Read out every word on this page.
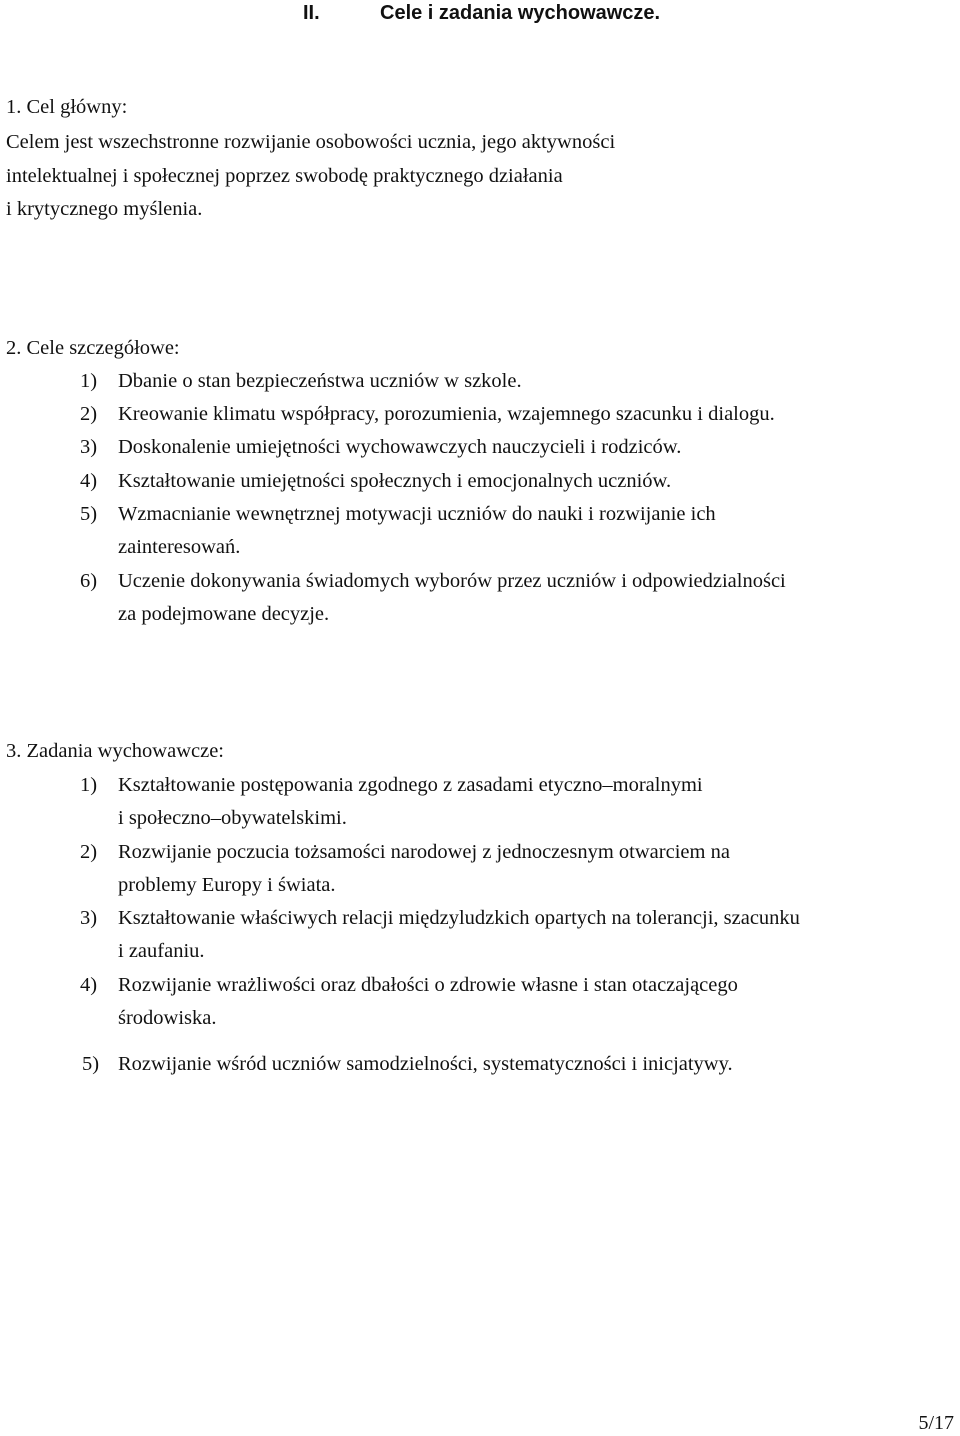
II.	Cele i zadania wychowawcze.
1. Cel główny:
Celem jest wszechstronne rozwijanie osobowości ucznia, jego aktywności
intelektualnej i społecznej poprzez swobodę praktycznego działania
i krytycznego myślenia.
2. Cele szczegółowe:
1) Dbanie o stan bezpieczeństwa uczniów w szkole.
2) Kreowanie klimatu współpracy, porozumienia, wzajemnego szacunku i dialogu.
3) Doskonalenie umiejętności wychowawczych nauczycieli i rodziców.
4) Kształtowanie umiejętności społecznych i emocjonalnych uczniów.
5) Wzmacnianie wewnętrznej motywacji uczniów do nauki i rozwijanie ich
zainteresowań.
6) Uczenie dokonywania świadomych wyborów przez uczniów i odpowiedzialności
za podejmowane decyzje.
3. Zadania wychowawcze:
1) Kształtowanie postępowania zgodnego z zasadami etyczno–moralnymi
i społeczno–obywatelskimi.
2) Rozwijanie poczucia tożsamości narodowej z jednoczesnym otwarciem na
problemy Europy i świata.
3) Kształtowanie właściwych relacji międzyludzkich opartych na tolerancji, szacunku
i zaufaniu.
4) Rozwijanie wrażliwości oraz dbałości o zdrowie własne i stan otaczającego
środowiska.
5) Rozwijanie wśród uczniów samodzielności, systematyczności i inicjatywy.
5/17
